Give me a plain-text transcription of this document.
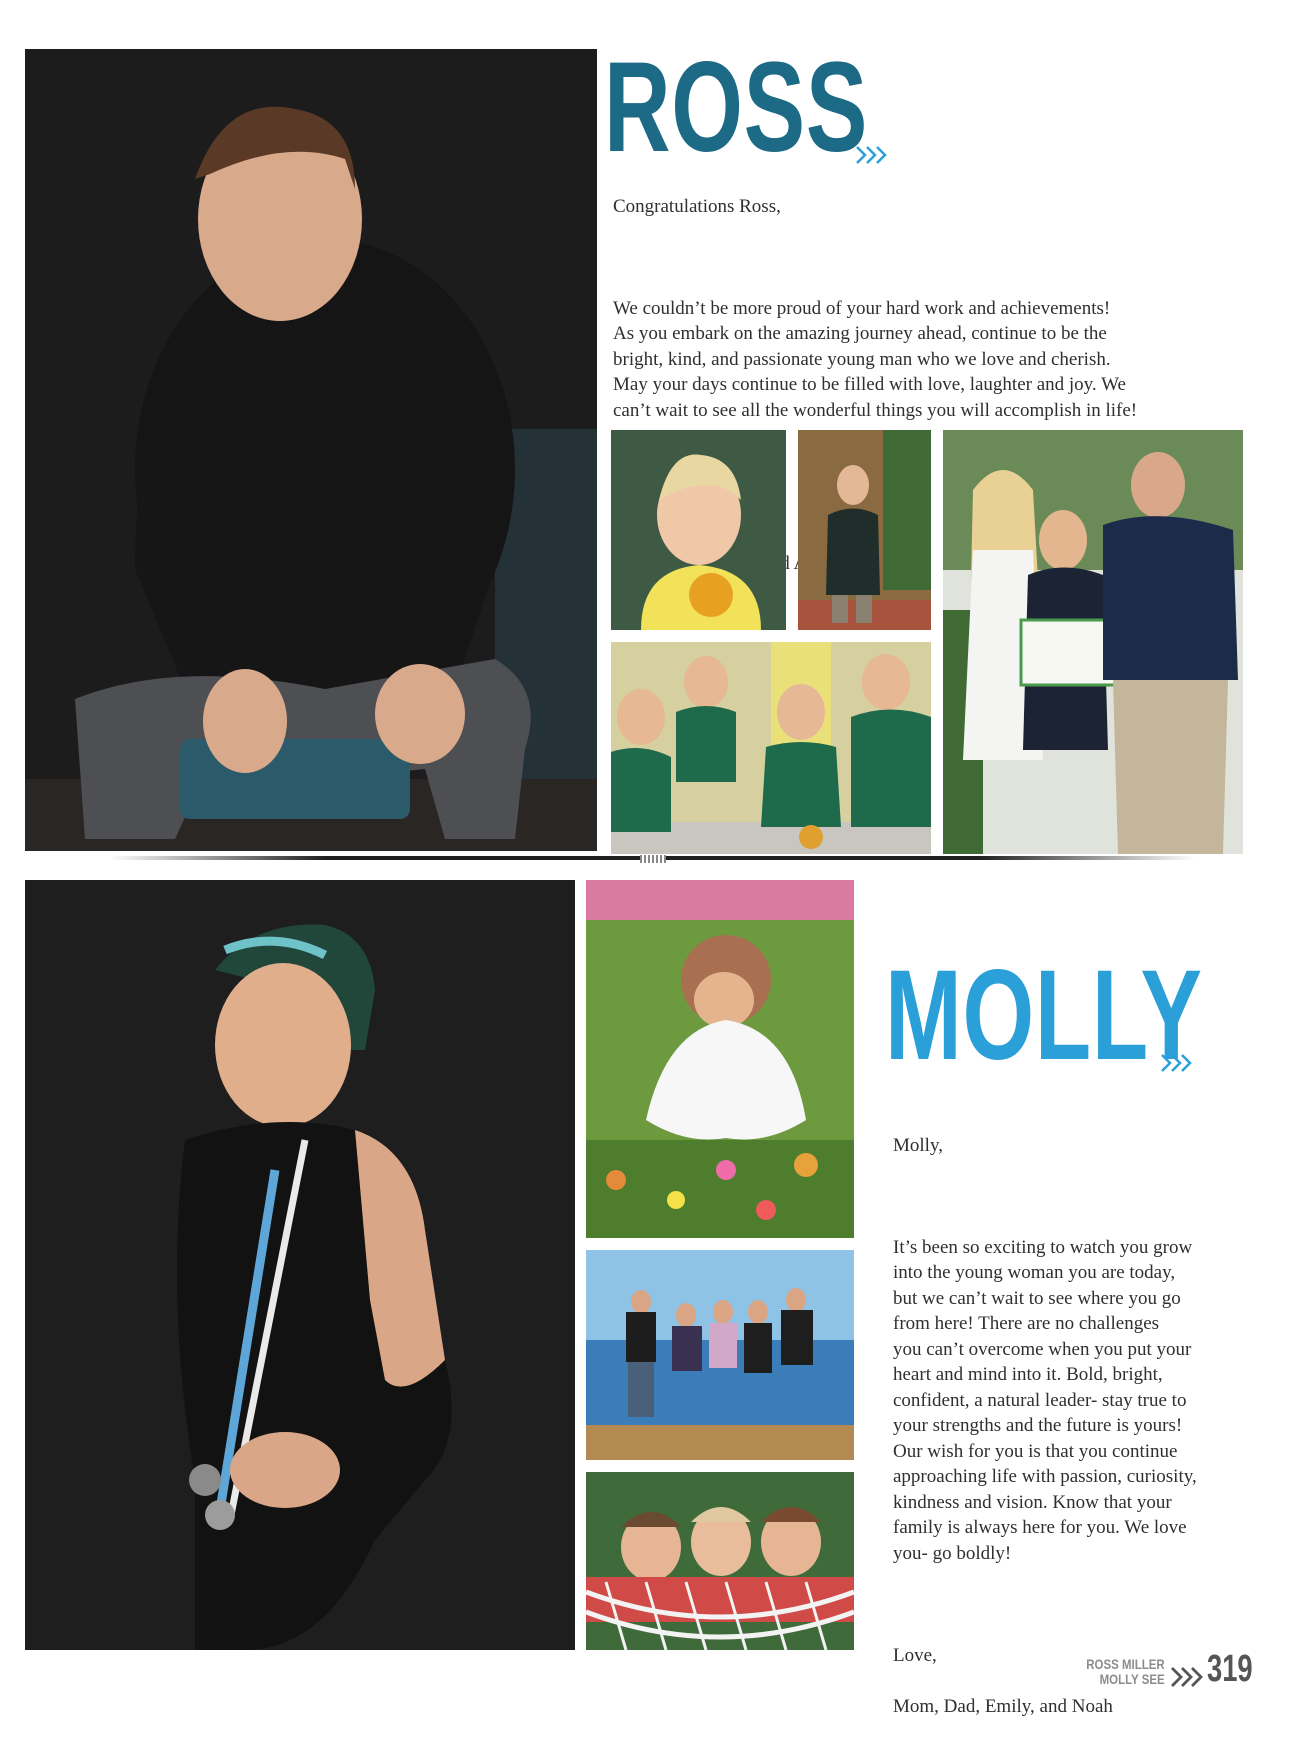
ROSS

Congratulations Ross,

We couldn’t be more proud of your hard work and achievements!
As you embark on the amazing journey ahead, continue to be the
bright, kind, and passionate young man who we love and cherish.
May your days continue to be filled with love, laughter and joy. We
can’t wait to see all the wonderful things you will accomplish in life!

MOLLY

Molly,

It’s been so exciting to watch you grow
into the young woman you are today,
but we can’t wait to see where you go
from here! There are no challenges
you can’t overcome when you put your
heart and mind into it. Bold, bright,
confident, a natural leader- stay true to
your strengths and the future is yours!
Our wish for you is that you continue
approaching life with passion, curiosity,
kindness and vision. Know that your
family is always here for you. We love
you- go boldly!

Love,

Mom, Dad, Emily, and Noah

ROSS MILLER
MOLLY SEE 319
